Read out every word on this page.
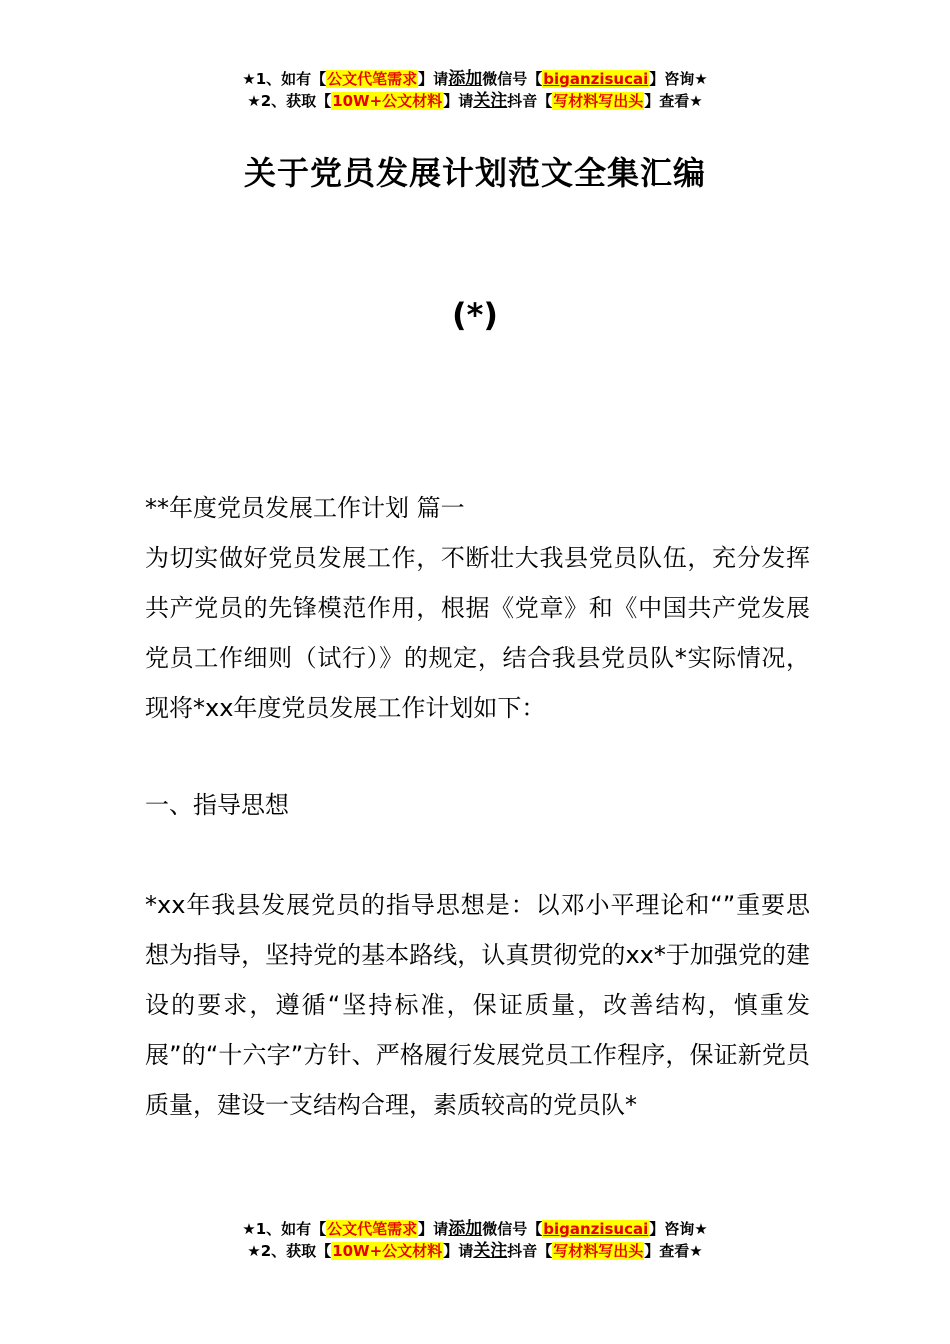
★1、如有【公文代笔需求】请添加微信号【biganzisucai】咨询★
★2、获取【10W+公文材料】请关注抖音【写材料写出头】查看★
关于党员发展计划范文全集汇编
(*)
**年度党员发展工作计划 篇一
为切实做好党员发展工作，不断壮大我县党员队伍，充分发挥共产党员的先锋模范作用，根据《党章》和《中国共产党发展党员工作细则（试行）》的规定，结合我县党员队*实际情况，现将*xx年度党员发展工作计划如下：
一、指导思想
*xx年我县发展党员的指导思想是：以邓小平理论和“”重要思想为指导，坚持党的基本路线，认真贯彻党的xx*于加强党的建设的要求，遵循“坚持标准，保证质量，改善结构，慎重发展”的“十六字”方针、严格履行发展党员工作程序，保证新党员质量，建设一支结构合理，素质较高的党员队*
★1、如有【公文代笔需求】请添加微信号【biganzisucai】咨询★
★2、获取【10W+公文材料】请关注抖音【写材料写出头】查看★
